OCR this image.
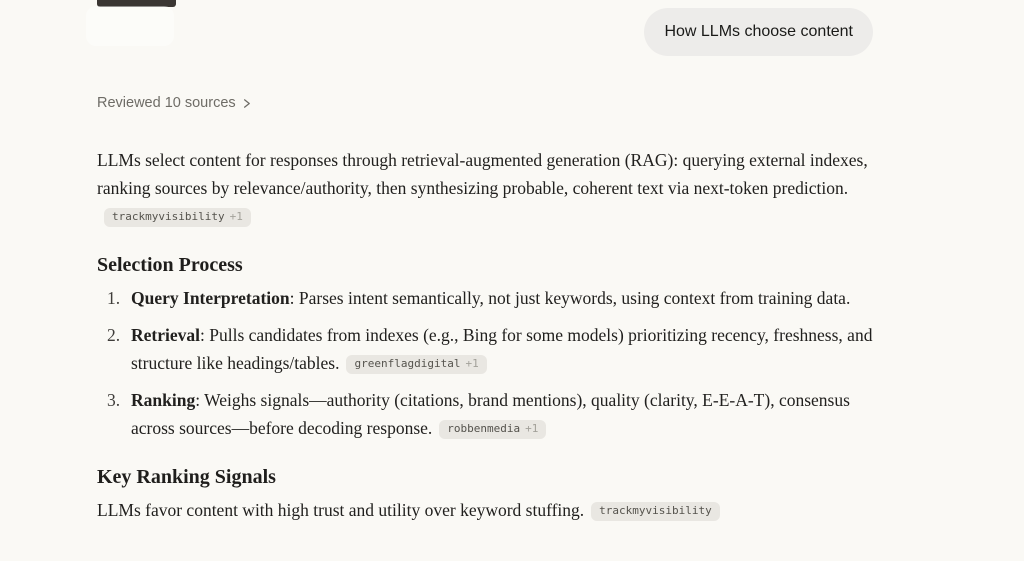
How LLMs choose content
Reviewed 10 sources

LLMs select content for responses through retrieval-augmented generation (RAG): querying external indexes, ranking sources by relevance/authority, then synthesizing probable, coherent text via next-token prediction.trackmyvisibility +1

Selection Process
1. Query Interpretation: Parses intent semantically, not just keywords, using context from training data.
2. Retrieval: Pulls candidates from indexes (e.g., Bing for some models) prioritizing recency, freshness, and structure like headings/tables. greenflagdigital +1
3. Ranking: Weighs signals—authority (citations, brand mentions), quality (clarity, E-E-A-T), consensus across sources—before decoding response. robbenmedia +1
Key Ranking Signals

LLMs favor content with high trust and utility over keyword stuffing. trackmyvisibility
